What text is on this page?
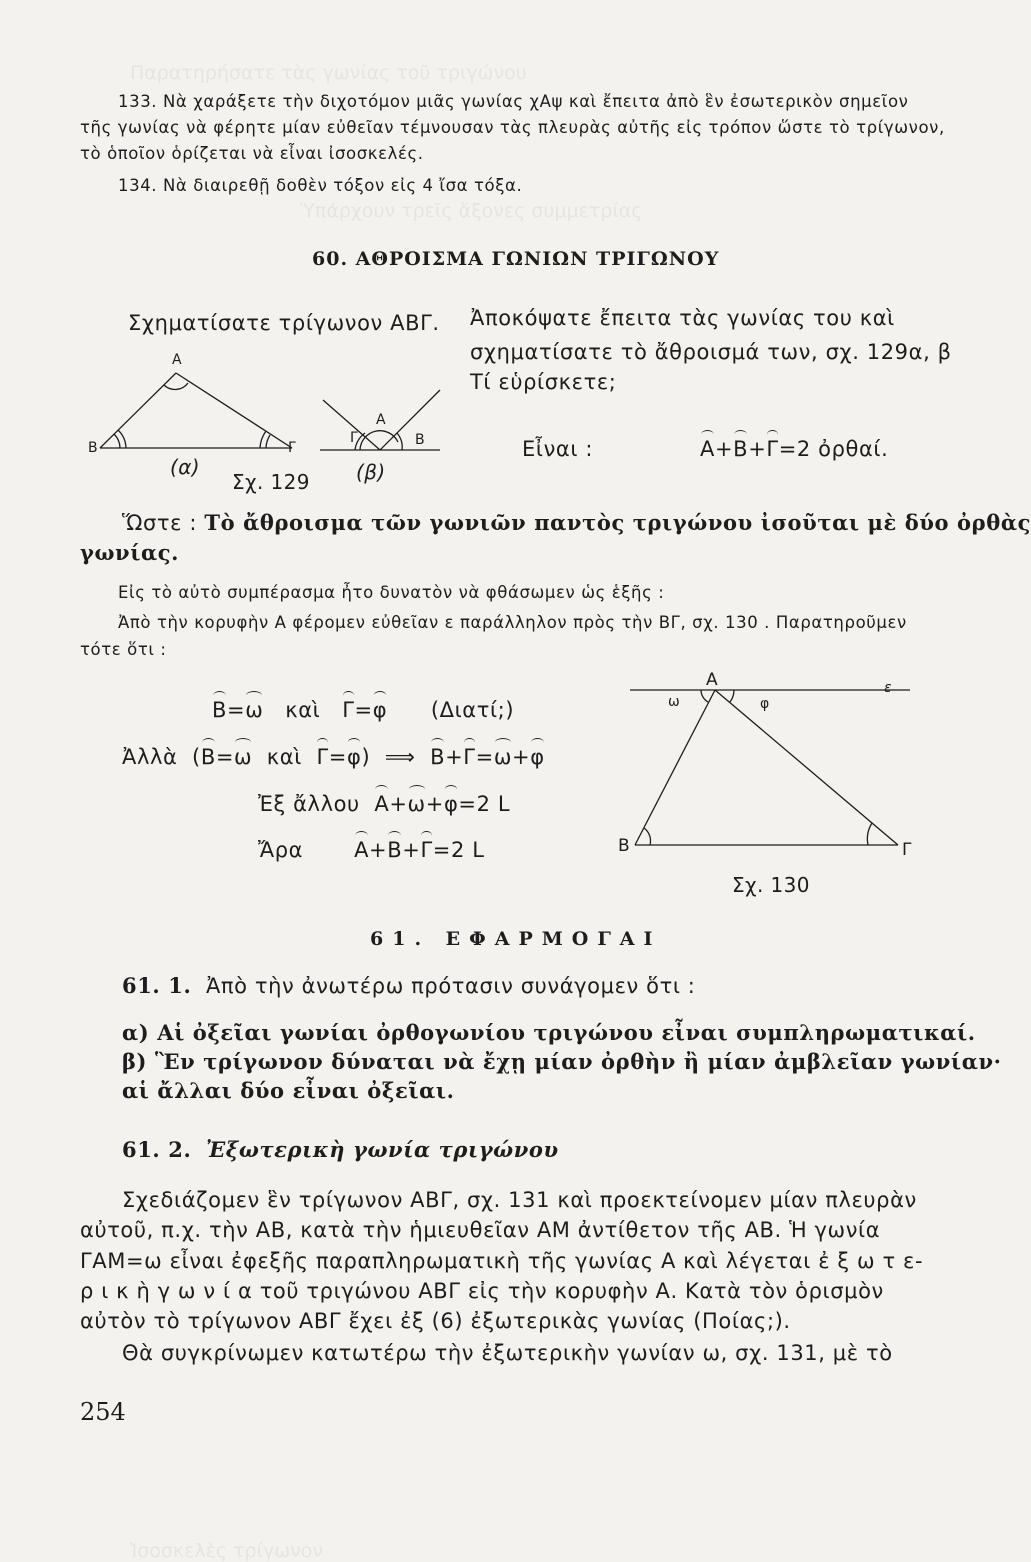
Παρατηρήσατε τὰς γωνίας τοῦ τριγώνου
Ὑπάρχουν τρεῖς ἄξονες συμμετρίας
Ἰσοσκελὲς τρίγωνον
133. Νὰ χαράξετε τὴν διχοτόμον μιᾶς γωνίας χΑψ καὶ ἔπειτα ἀπὸ ἓν ἐσωτερικὸν σημεῖον
τῆς γωνίας νὰ φέρητε μίαν εὐθεῖαν τέμνουσαν τὰς πλευρὰς αὐτῆς εἰς τρόπον ὥστε τὸ τρίγωνον,
τὸ ὁποῖον ὁρίζεται νὰ εἶναι ἰσοσκελές.
134. Νὰ διαιρεθῇ δοθὲν τόξον εἰς 4 ἴσα τόξα.
60. ΑΘΡΟΙΣΜΑ ΓΩΝΙΩΝ ΤΡΙΓΩΝΟΥ
Σχηματίσατε τρίγωνον ΑΒΓ. Ἀποκόψατε ἔπειτα τὰς γωνίας του καὶ
σχηματίσατε τὸ ἄθροισμά των, σχ. 129α, β
Τί εὑρίσκετε;
A
B	Γ
A
Γ	B
(α)	(β)
Σχ. 129
Εἶναι :	Α+Β+Γ=2 ὀρθαί.
Ὥστε : Τὸ ἄθροισμα τῶν γωνιῶν παντὸς τριγώνου ἰσοῦται μὲ δύο ὀρθὰς
γωνίας.
Εἰς τὸ αὐτὸ συμπέρασμα ἦτο δυνατὸν νὰ φθάσωμεν ὡς ἑξῆς :
Ἀπὸ τὴν κορυφὴν Α φέρομεν εὐθεῖαν ε παράλληλον πρὸς τὴν ΒΓ, σχ. 130 . Παρατηροῦμεν
τότε ὅτι :
Β=ω καὶ Γ=φ (Διατί;)
Ἀλλὰ  (Β=ω καὶ Γ=φ)  ⟹ Β+Γ=ω+φ
Ἐξ ἄλλου Α+ω+φ=2 L
Ἄρα Α+Β+Γ=2 L
A
ω	φ
ε
B	Γ
Σχ. 130
61. ΕΦΑΡΜΟΓΑΙ
61. 1. Ἀπὸ τὴν ἀνωτέρω πρότασιν συνάγομεν ὅτι :
α) Αἱ ὀξεῖαι γωνίαι ὀρθογωνίου τριγώνου εἶναι συμπληρωματικαί.
β) Ἓν τρίγωνον δύναται νὰ ἔχῃ μίαν ὀρθὴν ἢ μίαν ἀμβλεῖαν γωνίαν·
αἱ ἄλλαι δύο εἶναι ὀξεῖαι.
61. 2. Ἐξωτερικὴ γωνία τριγώνου
Σχεδιάζομεν ἓν τρίγωνον ΑΒΓ, σχ. 131 καὶ προεκτείνομεν μίαν πλευρὰν
αὐτοῦ, π.χ. τὴν ΑΒ, κατὰ τὴν ἡμιευθεῖαν ΑΜ ἀντίθετον τῆς ΑΒ. Ἡ γωνία
ΓΑΜ=ω εἶναι ἐφεξῆς παραπληρωματικὴ τῆς γωνίας Α καὶ λέγεται ἐ ξ ω τ ε-
ρ ι κ ὴ γ ω ν ί α τοῦ τριγώνου ΑΒΓ εἰς τὴν κορυφὴν Α. Κατὰ τὸν ὁρισμὸν
αὐτὸν τὸ τρίγωνον ΑΒΓ ἔχει ἐξ (6) ἐξωτερικὰς γωνίας (Ποίας;).
Θὰ συγκρίνωμεν κατωτέρω τὴν ἐξωτερικὴν γωνίαν ω, σχ. 131, μὲ τὸ
254
